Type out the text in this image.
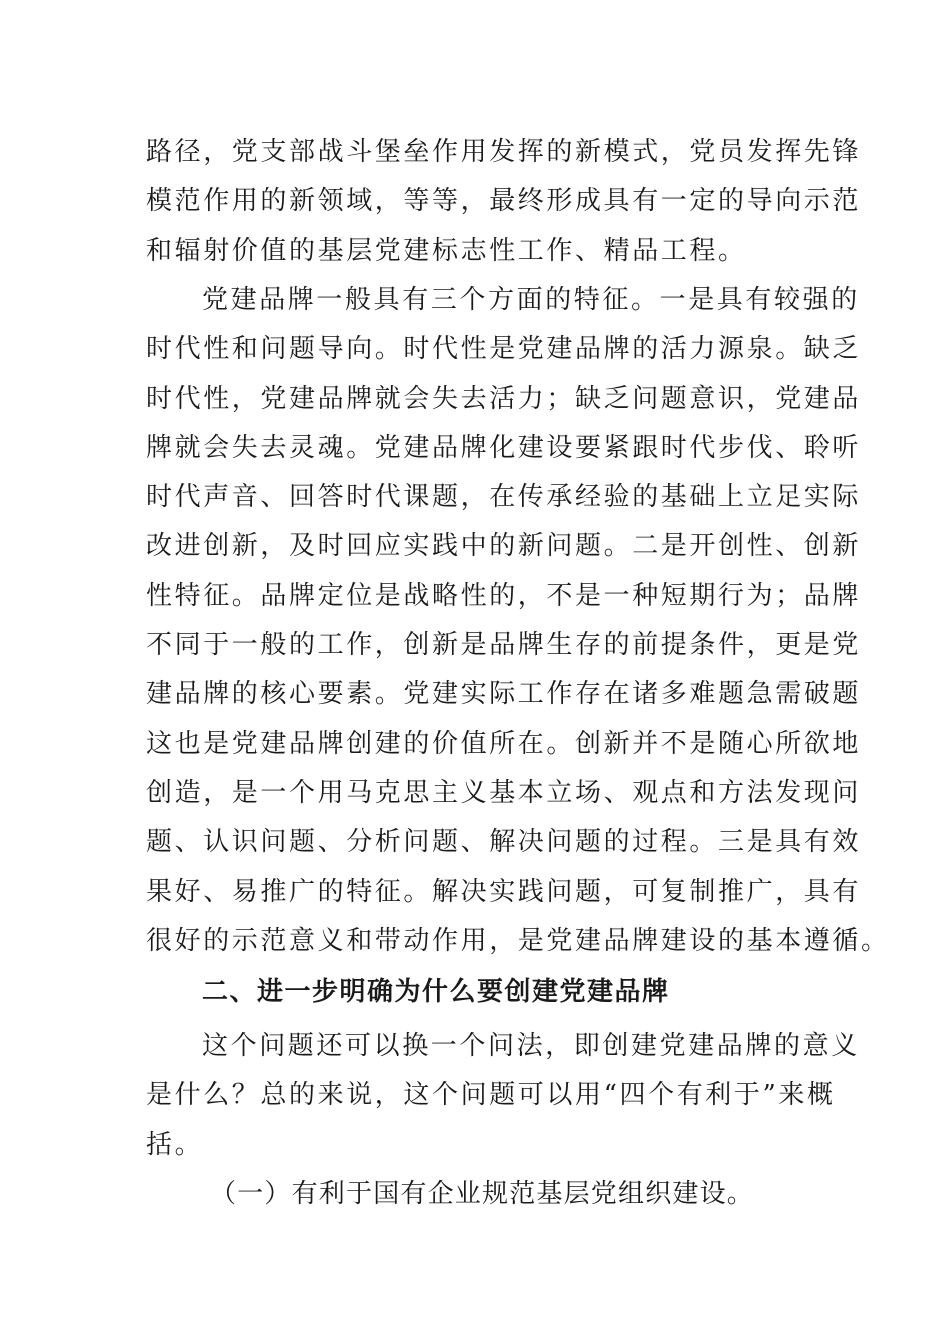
路径，党支部战斗堡垒作用发挥的新模式，党员发挥先锋
模范作用的新领域，等等，最终形成具有一定的导向示范
和辐射价值的基层党建标志性工作、精品工程。
党建品牌一般具有三个方面的特征。一是具有较强的
时代性和问题导向。时代性是党建品牌的活力源泉。缺乏
时代性，党建品牌就会失去活力；缺乏问题意识，党建品
牌就会失去灵魂。党建品牌化建设要紧跟时代步伐、聆听
时代声音、回答时代课题，在传承经验的基础上立足实际
改进创新，及时回应实践中的新问题。二是开创性、创新
性特征。品牌定位是战略性的，不是一种短期行为；品牌
不同于一般的工作，创新是品牌生存的前提条件，更是党
建品牌的核心要素。党建实际工作存在诸多难题急需破题
这也是党建品牌创建的价值所在。创新并不是随心所欲地
创造，是一个用马克思主义基本立场、观点和方法发现问
题、认识问题、分析问题、解决问题的过程。三是具有效
果好、易推广的特征。解决实践问题，可复制推广，具有
很好的示范意义和带动作用，是党建品牌建设的基本遵循。
二、进一步明确为什么要创建党建品牌
这个问题还可以换一个问法，即创建党建品牌的意义
是什么？总的来说，这个问题可以用“四个有利于”来概
括。
（一）有利于国有企业规范基层党组织建设。
